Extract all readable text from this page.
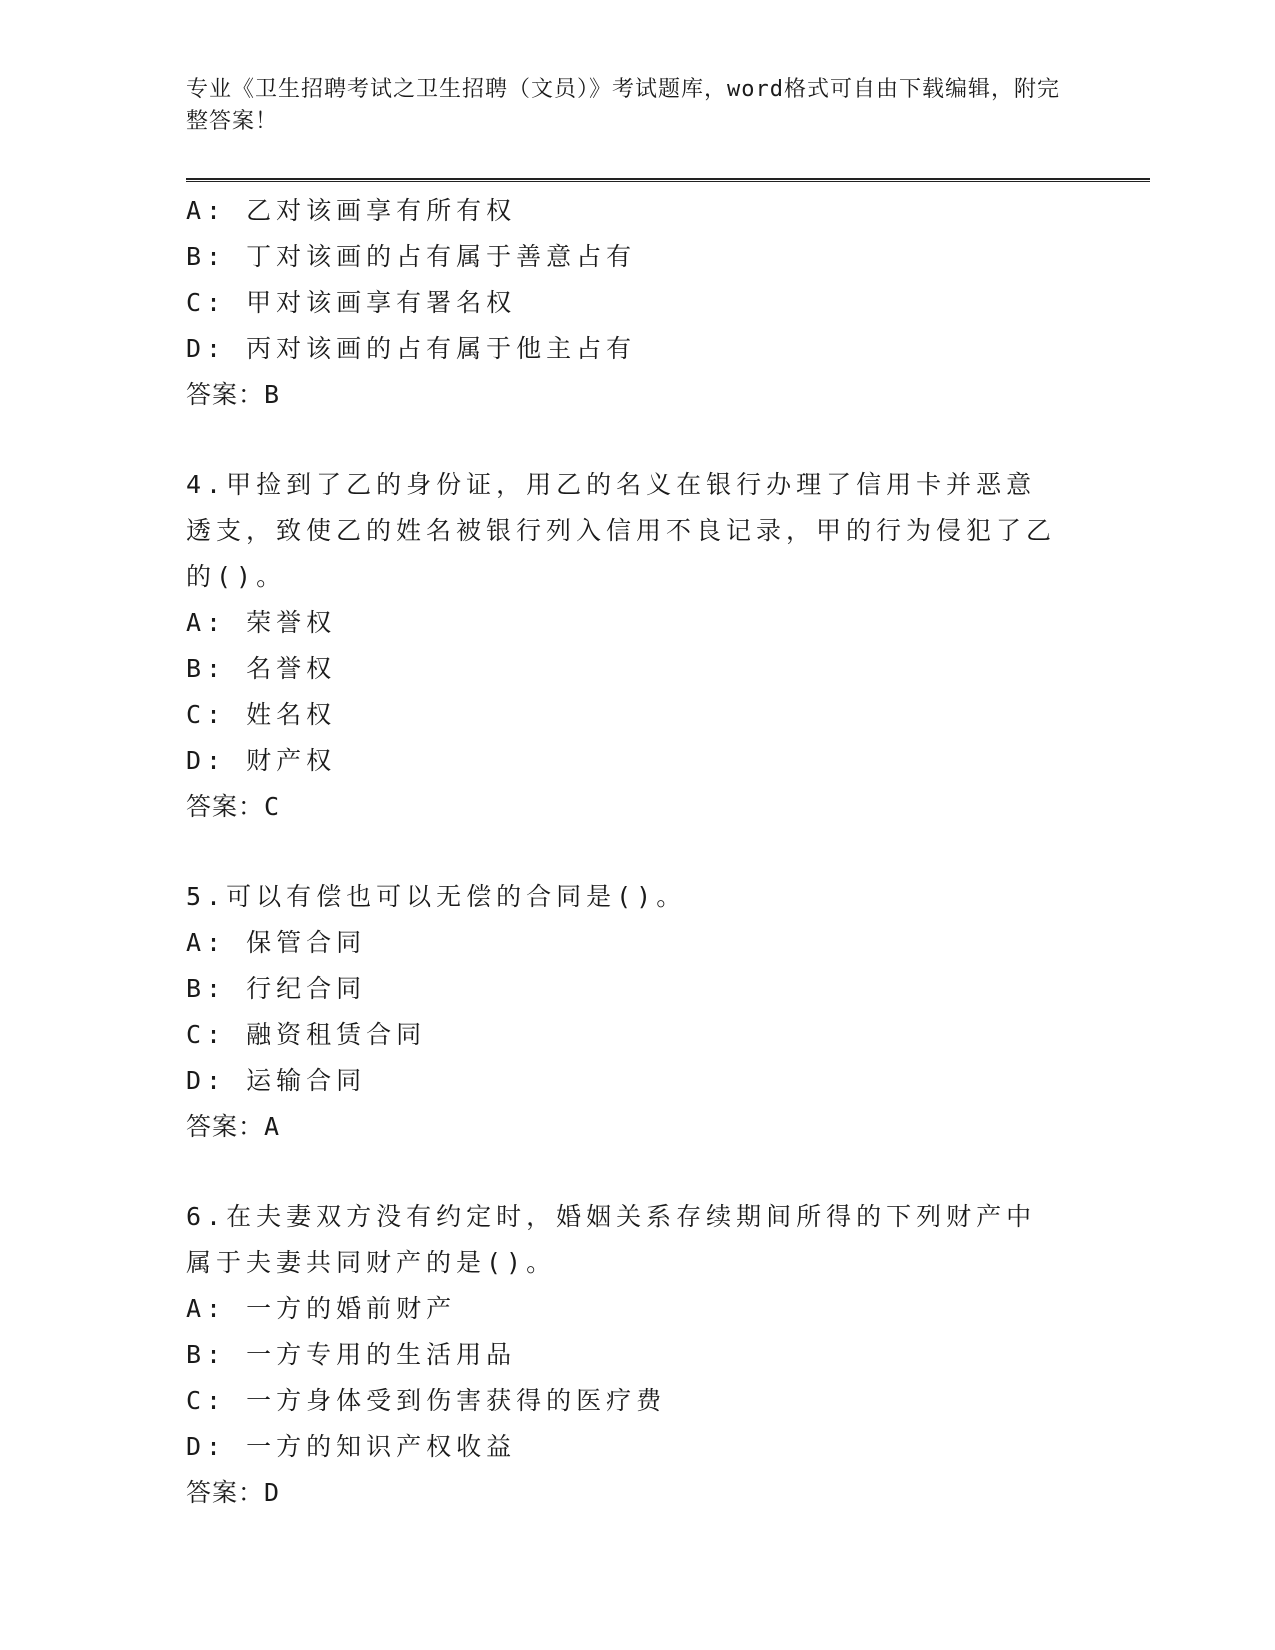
专业《卫生招聘考试之卫生招聘（文员）》考试题库，word格式可自由下载编辑，附完整答案！
A: 乙对该画享有所有权
B: 丁对该画的占有属于善意占有
C: 甲对该画享有署名权
D: 丙对该画的占有属于他主占有
答案：B
4.甲捡到了乙的身份证，用乙的名义在银行办理了信用卡并恶意透支，致使乙的姓名被银行列入信用不良记录，甲的行为侵犯了乙的()。
A: 荣誉权
B: 名誉权
C: 姓名权
D: 财产权
答案：C
5.可以有偿也可以无偿的合同是()。
A: 保管合同
B: 行纪合同
C: 融资租赁合同
D: 运输合同
答案：A
6.在夫妻双方没有约定时，婚姻关系存续期间所得的下列财产中属于夫妻共同财产的是()。
A: 一方的婚前财产
B: 一方专用的生活用品
C: 一方身体受到伤害获得的医疗费
D: 一方的知识产权收益
答案：D
